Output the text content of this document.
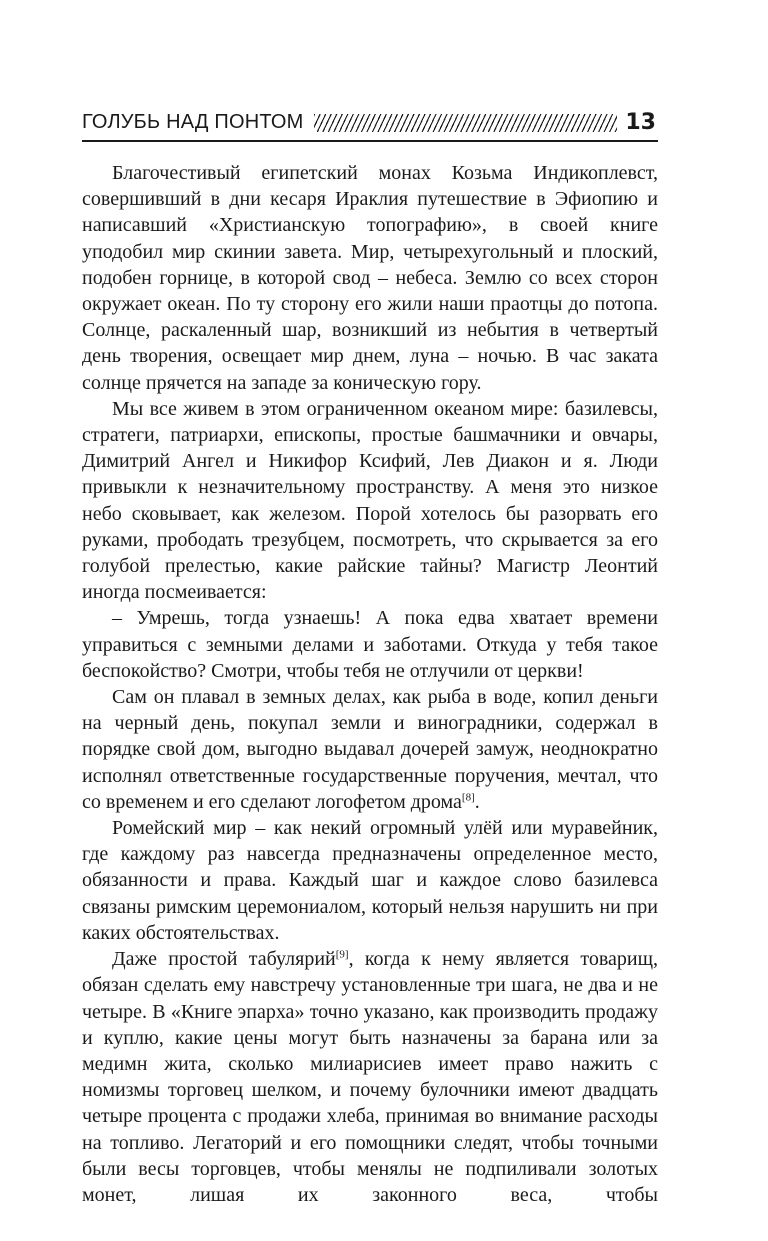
ГОЛУБЬ НАД ПОНТОМ	13

Благочестивый египетский монах Козьма Индикоплевст, совершивший в дни кесаря Ираклия путешествие в Эфиопию и написавший «Христианскую топографию», в своей книге уподобил мир скинии завета. Мир, четырехугольный и плоский, подобен горнице, в которой свод – небеса. Землю со всех сторон окружает океан. По ту сторону его жили наши праотцы до потопа. Солнце, раскаленный шар, возникший из небытия в четвертый день творения, освещает мир днем, луна – ночью. В час заката солнце прячется на западе за коническую гору.

Мы все живем в этом ограниченном океаном мире: базилевсы, стратеги, патриархи, епископы, простые башмачники и овчары, Димитрий Ангел и Никифор Ксифий, Лев Диакон и я. Люди привыкли к незначительному пространству. А меня это низкое небо сковывает, как железом. Порой хотелось бы разорвать его руками, прободать трезубцем, посмотреть, что скрывается за его голубой прелестью, какие райские тайны? Магистр Леонтий иногда посмеивается:

– Умрешь, тогда узнаешь! А пока едва хватает времени управиться с земными делами и заботами. Откуда у тебя такое беспокойство? Смотри, чтобы тебя не отлучили от церкви!

Сам он плавал в земных делах, как рыба в воде, копил деньги на черный день, покупал земли и виноградники, содержал в порядке свой дом, выгодно выдавал дочерей замуж, неоднократно исполнял ответственные государственные поручения, мечтал, что со временем и его сделают логофетом дрома[8].

Ромейский мир – как некий огромный улёй или муравейник, где каждому раз навсегда предназначены определенное место, обязанности и права. Каждый шаг и каждое слово базилевса связаны римским церемониалом, который нельзя нарушить ни при каких обстоятельствах.

Даже простой табулярий[9], когда к нему является товарищ, обязан сделать ему навстречу установленные три шага, не два и не четыре. В «Книге эпарха» точно указано, как производить продажу и куплю, какие цены могут быть назначены за барана или за медимн жита, сколько милиарисиев имеет право нажить с номизмы торговец шелком, и почему булочники имеют двадцать четыре процента с продажи хлеба, принимая во внимание расходы на топливо. Легаторий и его помощники следят, чтобы точными были весы торговцев, чтобы менялы не подпиливали золотых монет, лишая их законного веса, чтобы
